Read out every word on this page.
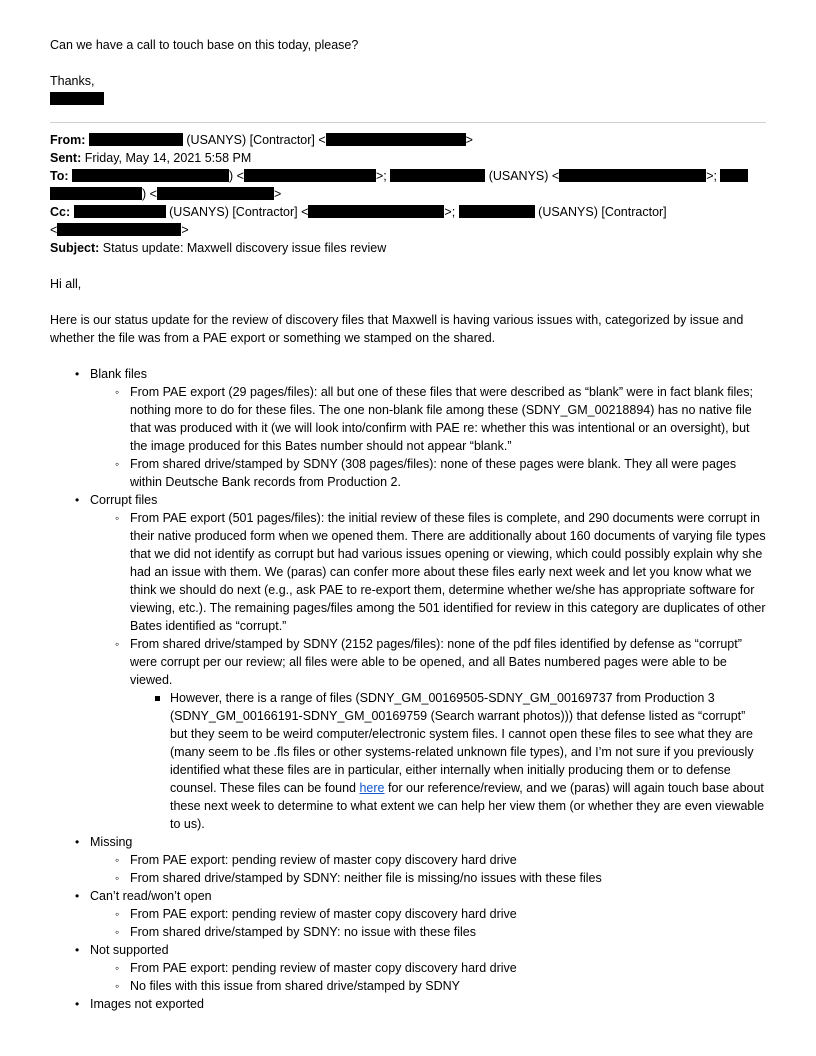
Can we have a call to touch base on this today, please?

Thanks,

From:	(USANYS) [Contractor] <	>

Sent: Friday, May 14, 2021 5:58 PM

To:	) <	>;	(USANYS) <	>;

) <	>

Cc:	(USANYS) [Contractor] <	>;	(USANYS) [Contractor]

<	>

Subject: Status update: Maxwell discovery issue files review

Hi all,

Here is our status update for the review of discovery files that Maxwell is having various issues with, categorized by issue and whether the file was from a PAE export or something we stamped on the shared.

• Blank files
◦ From PAE export (29 pages/files): all but one of these files that were described as “blank” were in fact blank files; nothing more to do for these files. The one non-blank file among these (SDNY_GM_00218894) has no native file that was produced with it (we will look into/confirm with PAE re: whether this was intentional or an oversight), but the image produced for this Bates number should not appear “blank.”
◦ From shared drive/stamped by SDNY (308 pages/files): none of these pages were blank. They all were pages within Deutsche Bank records from Production 2.
• Corrupt files
◦ From PAE export (501 pages/files): the initial review of these files is complete, and 290 documents were corrupt in their native produced form when we opened them. There are additionally about 160 documents of varying file types that we did not identify as corrupt but had various issues opening or viewing, which could possibly explain why she had an issue with them. We (paras) can confer more about these files early next week and let you know what we think we should do next (e.g., ask PAE to re-export them, determine whether we/she has appropriate software for viewing, etc.). The remaining pages/files among the 501 identified for review in this category are duplicates of other Bates identified as “corrupt.”
◦ From shared drive/stamped by SDNY (2152 pages/files): none of the pdf files identified by defense as “corrupt” were corrupt per our review; all files were able to be opened, and all Bates numbered pages were able to be viewed.
However, there is a range of files (SDNY_GM_00169505-SDNY_GM_00169737 from Production 3 (SDNY_GM_00166191-SDNY_GM_00169759 (Search warrant photos))) that defense listed as “corrupt” but they seem to be weird computer/electronic system files. I cannot open these files to see what they are (many seem to be .fls files or other systems-related unknown file types), and I’m not sure if you previously identified what these files are in particular, either internally when initially producing them or to defense counsel. These files can be found here for our reference/review, and we (paras) will again touch base about these next week to determine to what extent we can help her view them (or whether they are even viewable to us).
• Missing
◦ From PAE export: pending review of master copy discovery hard drive
◦ From shared drive/stamped by SDNY: neither file is missing/no issues with these files
• Can’t read/won’t open
◦ From PAE export: pending review of master copy discovery hard drive
◦ From shared drive/stamped by SDNY: no issue with these files
• Not supported
◦ From PAE export: pending review of master copy discovery hard drive
◦ No files with this issue from shared drive/stamped by SDNY
• Images not exported
